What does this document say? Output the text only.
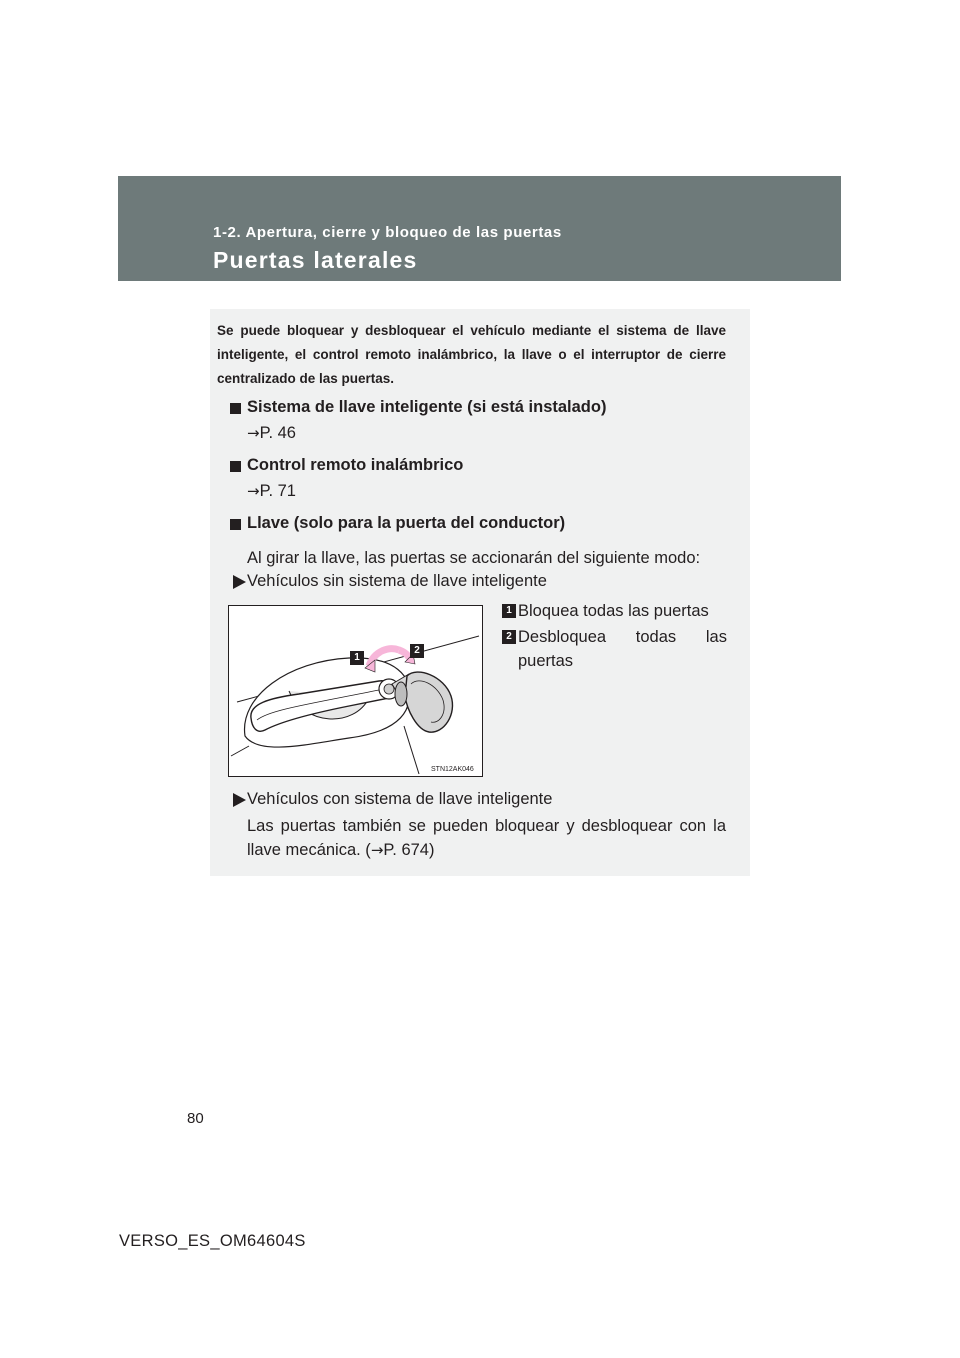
1-2. Apertura, cierre y bloqueo de las puertas
Puertas laterales
Se puede bloquear y desbloquear el vehículo mediante el sistema de llave inteligente, el control remoto inalámbrico, la llave o el interruptor de cierre centralizado de las puertas.
Sistema de llave inteligente (si está instalado)
→P. 46
Control remoto inalámbrico
→P. 71
Llave (solo para la puerta del conductor)
Al girar la llave, las puertas se accionarán del siguiente modo:
Vehículos sin sistema de llave inteligente
1
2
STN12AK046
1 Bloquea todas las puertas
2 Desbloquea todas las
puertas
Vehículos con sistema de llave inteligente
Las puertas también se pueden bloquear y desbloquear con la
llave mecánica. (→P. 674)
80
VERSO_ES_OM64604S
